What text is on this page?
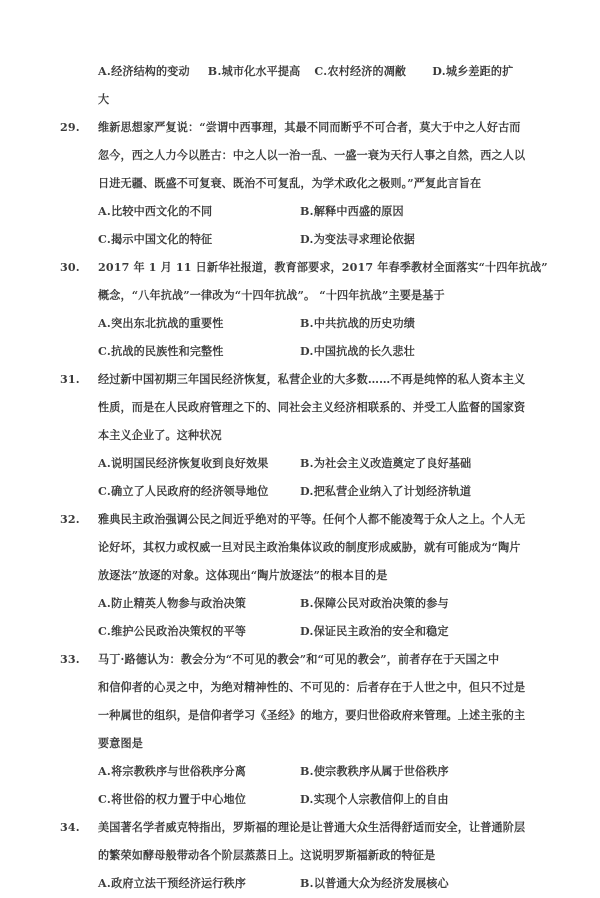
A.经济结构的变动 B.城市化水平提高 C.农村经济的凋敝 D.城乡差距的扩
大
29.	维新思想家严复说：“尝谓中西事理，其最不同而断乎不可合者，莫大于中之人好古而
忽今，西之人力今以胜古：中之人以一治一乱、一盛一衰为天行人事之自然，西之人以
日进无疆、既盛不可复衰、既治不可复乱，为学术政化之极则。”严复此言旨在
A.比较中西文化的不同	B.解释中西盛的原因
C.揭示中国文化的特征	D.为变法寻求理论依据
30.	2017 年 1 月 11 日新华社报道，教育部要求，2017 年春季教材全面落实“十四年抗战”
概念，“八年抗战”一律改为“十四年抗战”。 “十四年抗战”主要是基于
A.突出东北抗战的重要性	B.中共抗战的历史功绩
C.抗战的民族性和完整性	D.中国抗战的长久悲壮
31.	经过新中国初期三年国民经济恢复，私营企业的大多数……不再是纯悴的私人资本主义
性质，而是在人民政府管理之下的、同社会主义经济相联系的、并受工人监督的国家资
本主义企业了。这种状况
A.说明国民经济恢复收到良好效果	B.为社会主义改造奠定了良好基础
C.确立了人民政府的经济领导地位	D.把私营企业纳入了计划经济轨道
32.	雅典民主政治强调公民之间近乎绝对的平等。任何个人都不能凌驾于众人之上。个人无
论好坏，其权力或权威一旦对民主政治集体议政的制度形成威胁，就有可能成为“陶片
放逐法”放逐的对象。这体现出“陶片放逐法”的根本目的是
A.防止精英人物参与政治决策	B.保障公民对政治决策的参与
C.维护公民政治决策权的平等	D.保证民主政治的安全和稳定
33.	马丁·路德认为：教会分为“不可见的教会”和“可见的教会”，前者存在于天国之中
和信仰者的心灵之中，为绝对精神性的、不可见的：后者存在于人世之中，但只不过是
一种属世的组织，是信仰者学习《圣经》的地方，要归世俗政府来管理。上述主张的主
要意图是
A.将宗教秩序与世俗秩序分离	B.使宗教秩序从属于世俗秩序
C.将世俗的权力置于中心地位	D.实现个人宗教信仰上的自由
34.	美国著名学者威克特指出，罗斯福的理论是让普通大众生活得舒适而安全，让普通阶层
的繁荣如酵母般带动各个阶层蒸蒸日上。这说明罗斯福新政的特征是
A.政府立法干预经济运行秩序	B.以普通大众为经济发展核心
